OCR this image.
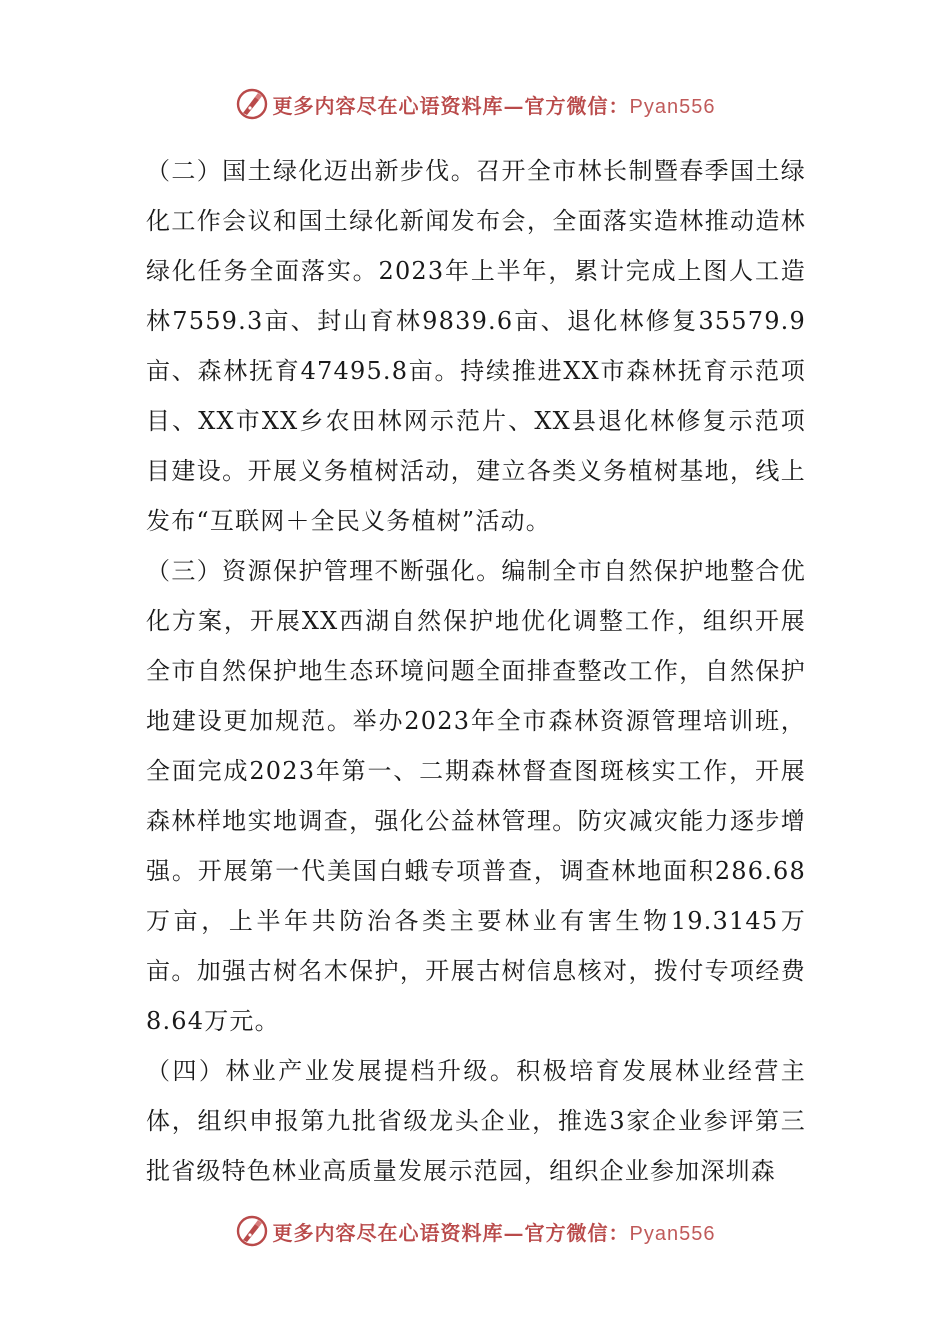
更多内容尽在心语资料库—官方微信：Pyan556

（二）国土绿化迈出新步伐。召开全市林长制暨春季国土绿化工作会议和国土绿化新闻发布会，全面落实造林推动造林绿化任务全面落实。2023年上半年，累计完成上图人工造林7559.3亩、封山育林9839.6亩、退化林修复35579.9亩、森林抚育47495.8亩。持续推进XX市森林抚育示范项目、XX市XX乡农田林网示范片、XX县退化林修复示范项目建设。开展义务植树活动，建立各类义务植树基地，线上发布“互联网＋全民义务植树”活动。

（三）资源保护管理不断强化。编制全市自然保护地整合优化方案，开展XX西湖自然保护地优化调整工作，组织开展全市自然保护地生态环境问题全面排查整改工作，自然保护地建设更加规范。举办2023年全市森林资源管理培训班，全面完成2023年第一、二期森林督查图斑核实工作，开展森林样地实地调查，强化公益林管理。防灾减灾能力逐步增强。开展第一代美国白蛾专项普查，调查林地面积286.68万亩，上半年共防治各类主要林业有害生物19.3145万亩。加强古树名木保护，开展古树信息核对，拨付专项经费8.64万元。

（四）林业产业发展提档升级。积极培育发展林业经营主体，组织申报第九批省级龙头企业，推选3家企业参评第三批省级特色林业高质量发展示范园，组织企业参加深圳森

更多内容尽在心语资料库—官方微信：Pyan556
